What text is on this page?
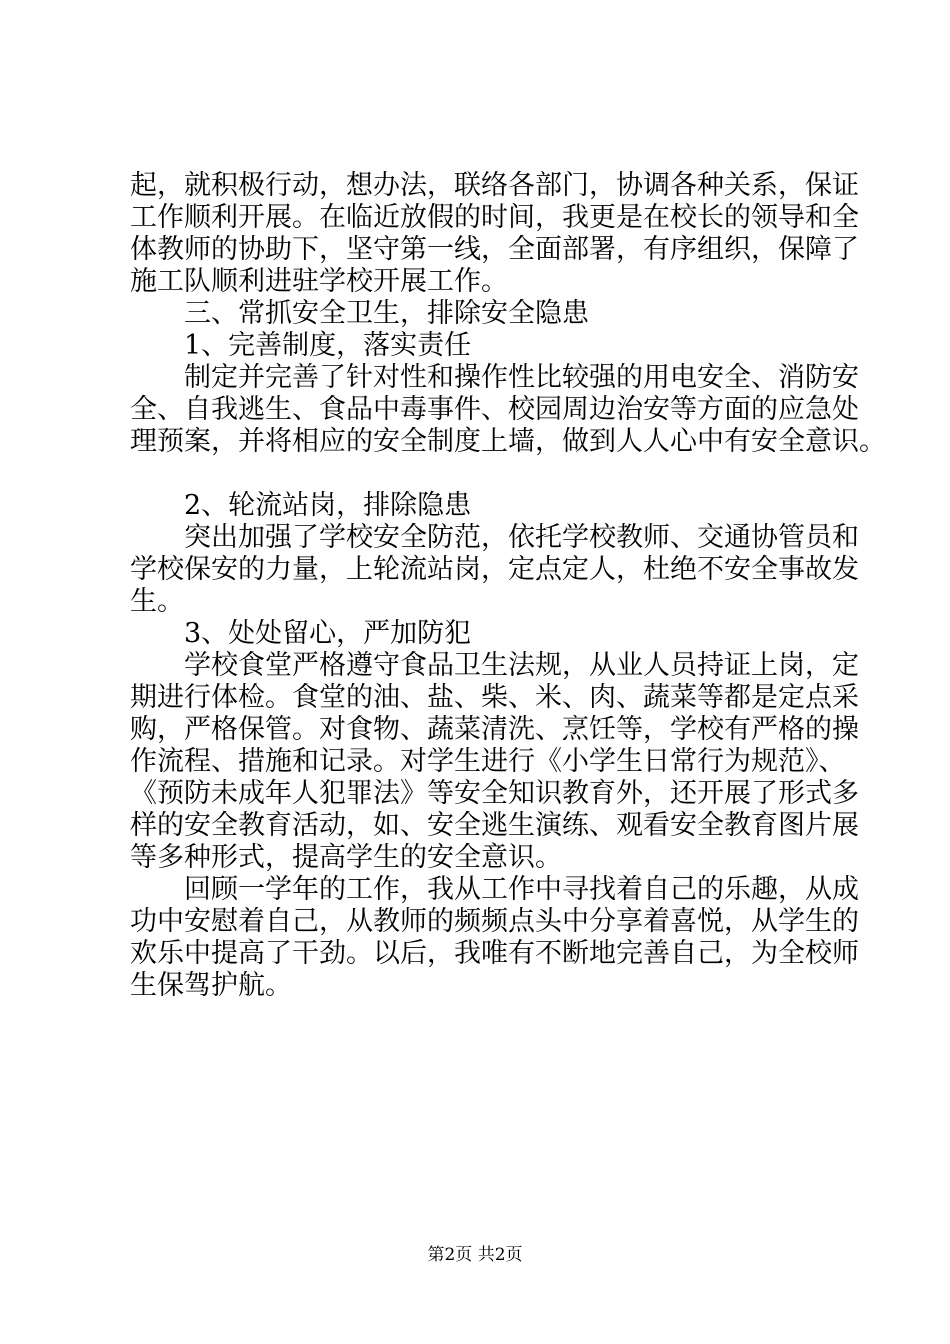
起，就积极行动，想办法，联络各部门，协调各种关系，保证
工作顺利开展。在临近放假的时间，我更是在校长的领导和全
体教师的协助下，坚守第一线，全面部署，有序组织，保障了
施工队顺利进驻学校开展工作。
三、常抓安全卫生，排除安全隐患
1、完善制度，落实责任
制定并完善了针对性和操作性比较强的用电安全、消防安
全、自我逃生、食品中毒事件、校园周边治安等方面的应急处
理预案，并将相应的安全制度上墙，做到人人心中有安全意识。
2、轮流站岗，排除隐患
突出加强了学校安全防范，依托学校教师、交通协管员和
学校保安的力量，上轮流站岗，定点定人，杜绝不安全事故发
生。
3、处处留心，严加防犯
学校食堂严格遵守食品卫生法规，从业人员持证上岗，定
期进行体检。食堂的油、盐、柴、米、肉、蔬菜等都是定点采
购，严格保管。对食物、蔬菜清洗、烹饪等，学校有严格的操
作流程、措施和记录。对学生进行《小学生日常行为规范》、
《预防未成年人犯罪法》等安全知识教育外，还开展了形式多
样的安全教育活动，如、安全逃生演练、观看安全教育图片展
等多种形式，提高学生的安全意识。
回顾一学年的工作，我从工作中寻找着自己的乐趣，从成
功中安慰着自己，从教师的频频点头中分享着喜悦，从学生的
欢乐中提高了干劲。以后，我唯有不断地完善自己，为全校师
生保驾护航。
第2页 共2页
